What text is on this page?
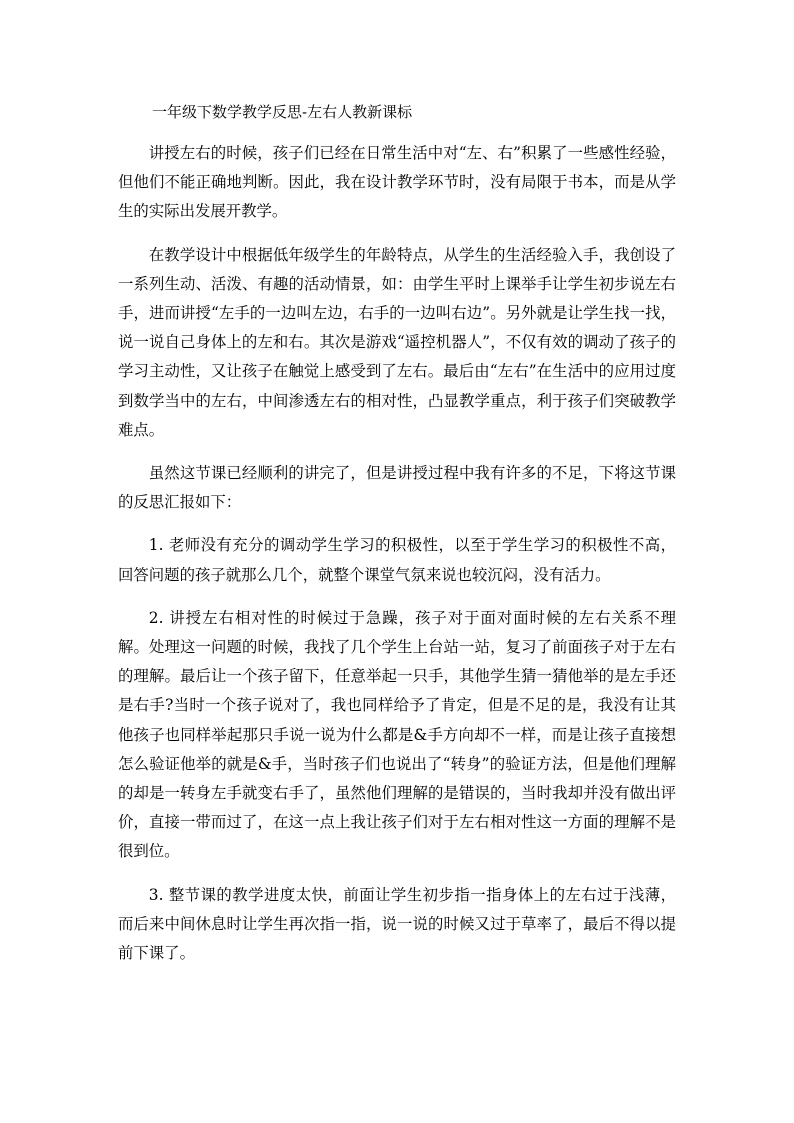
一年级下数学教学反思-左右人教新课标

讲授左右的时候，孩子们已经在日常生活中对“左、右”积累了一些感性经验，但他们不能正确地判断。因此，我在设计教学环节时，没有局限于书本，而是从学生的实际出发展开教学。

在教学设计中根据低年级学生的年龄特点，从学生的生活经验入手，我创设了一系列生动、活泼、有趣的活动情景，如：由学生平时上课举手让学生初步说左右手，进而讲授“左手的一边叫左边，右手的一边叫右边”。另外就是让学生找一找，说一说自己身体上的左和右。其次是游戏“遥控机器人”，不仅有效的调动了孩子的学习主动性，又让孩子在触觉上感受到了左右。最后由“左右”在生活中的应用过度到数学当中的左右，中间渗透左右的相对性，凸显教学重点，利于孩子们突破教学难点。

虽然这节课已经顺利的讲完了，但是讲授过程中我有许多的不足，下将这节课的反思汇报如下：

1. 老师没有充分的调动学生学习的积极性，以至于学生学习的积极性不高，回答问题的孩子就那么几个，就整个课堂气氛来说也较沉闷，没有活力。

2. 讲授左右相对性的时候过于急躁，孩子对于面对面时候的左右关系不理解。处理这一问题的时候，我找了几个学生上台站一站，复习了前面孩子对于左右的理解。最后让一个孩子留下，任意举起一只手，其他学生猜一猜他举的是左手还是右手?当时一个孩子说对了，我也同样给予了肯定，但是不足的是，我没有让其他孩子也同样举起那只手说一说为什么都是&手方向却不一样，而是让孩子直接想怎么验证他举的就是&手，当时孩子们也说出了“转身”的验证方法，但是他们理解的却是一转身左手就变右手了，虽然他们理解的是错误的，当时我却并没有做出评价，直接一带而过了，在这一点上我让孩子们对于左右相对性这一方面的理解不是很到位。

3. 整节课的教学进度太快，前面让学生初步指一指身体上的左右过于浅薄，而后来中间休息时让学生再次指一指，说一说的时候又过于草率了，最后不得以提前下课了。
